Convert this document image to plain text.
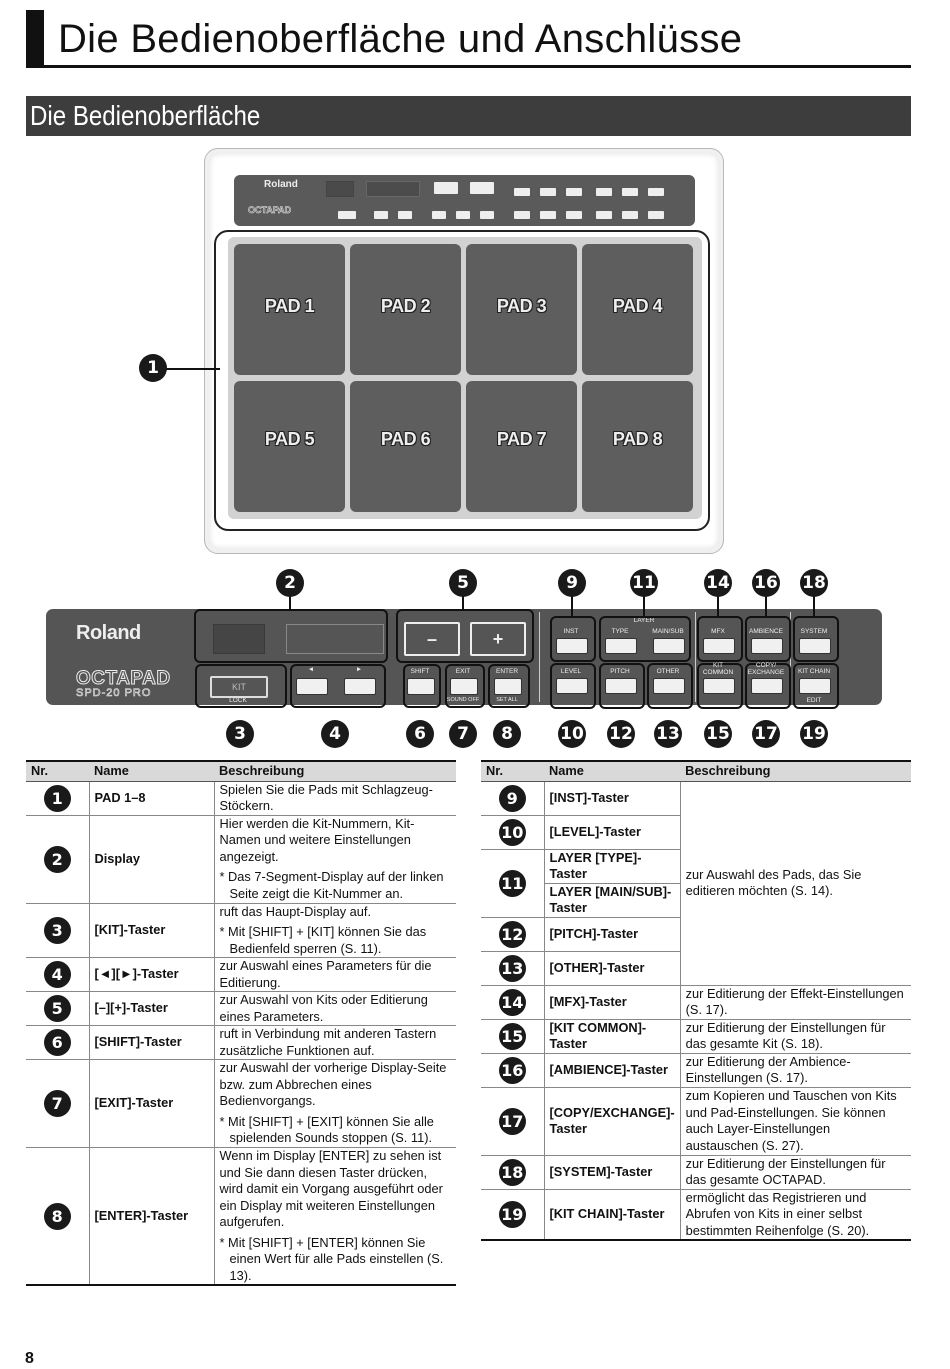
Die Bedienoberfläche und Anschlüsse
Die Bedienoberfläche
Roland
OCTAPAD
PAD 1	PAD 2	PAD 3	PAD 4
PAD 5	PAD 6	PAD 7	PAD 8
1
Roland
OCTAPAD
SPD-20 PRO
–	+
KIT
LOCK
◄	►	SHIFT	EXIT	ENTER
SOUND OFF	SET ALL
LAYER
INST	TYPE	MAIN/SUB	MFX	AMBIENCE	SYSTEM
LEVEL	PITCH	OTHER
KIT COMMON
COPY/ EXCHANGE	KIT CHAIN
EDIT
2	5	9	11	14 16 18
3	4	6	7	8	10 12 13 15 17 19
Nr.	Name	Beschreibung
1	PAD 1–8	Spielen Sie die Pads mit Schlagzeug-Stöckern.
2	Display	Hier werden die Kit-Nummern, Kit-Namen und weitere Einstellungen angezeigt.
* Das 7-Segment-Display auf der linken Seite zeigt die Kit-Nummer an.

3	[KIT]-Taster	ruft das Haupt-Display auf.
* Mit [SHIFT] + [KIT] können Sie das Bedienfeld sperren (S. 11).

4	[◄][►]-Taster	zur Auswahl eines Parameters für die Editierung.
5	[–][+]-Taster	zur Auswahl von Kits oder Editierung eines Parameters.
6	[SHIFT]-Taster	ruft in Verbindung mit anderen Tastern zusätzliche Funktionen auf.
7	[EXIT]-Taster	zur Auswahl der vorherige Display-Seite bzw. zum Abbrechen eines Bedienvorgangs.
* Mit [SHIFT] + [EXIT] können Sie alle spielenden Sounds stoppen (S. 11).

8	[ENTER]-Taster	Wenn im Display [ENTER] zu sehen ist und Sie dann diesen Taster drücken, wird damit ein Vorgang ausgeführt oder ein Display mit weiteren Einstellungen aufgerufen.
* Mit [SHIFT] + [ENTER] können Sie einen Wert für alle Pads einstellen (S. 13).
Nr.	Name	Beschreibung
9	[INST]-Taster	zur Auswahl des Pads, das Sie editieren möchten (S. 14).
10	[LEVEL]-Taster	
11	LAYER [TYPE]-Taster	
	LAYER [MAIN/SUB]-Taster	
12	[PITCH]-Taster	
13	[OTHER]-Taster	
14	[MFX]-Taster	zur Editierung der Effekt-Einstellungen (S. 17).
15	[KIT COMMON]-Taster	zur Editierung der Einstellungen für das gesamte Kit (S. 18).
16	[AMBIENCE]-Taster	zur Editierung der Ambience-Einstellungen (S. 17).
17	[COPY/EXCHANGE]-Taster	zum Kopieren und Tauschen von Kits und Pad-Einstellungen. Sie können auch Layer-Einstellungen austauschen (S. 27).
18	[SYSTEM]-Taster	zur Editierung der Einstellungen für das gesamte OCTAPAD.
19	[KIT CHAIN]-Taster	ermöglicht das Registrieren und Abrufen von Kits in einer selbst bestimmten Reihenfolge (S. 20).
8
